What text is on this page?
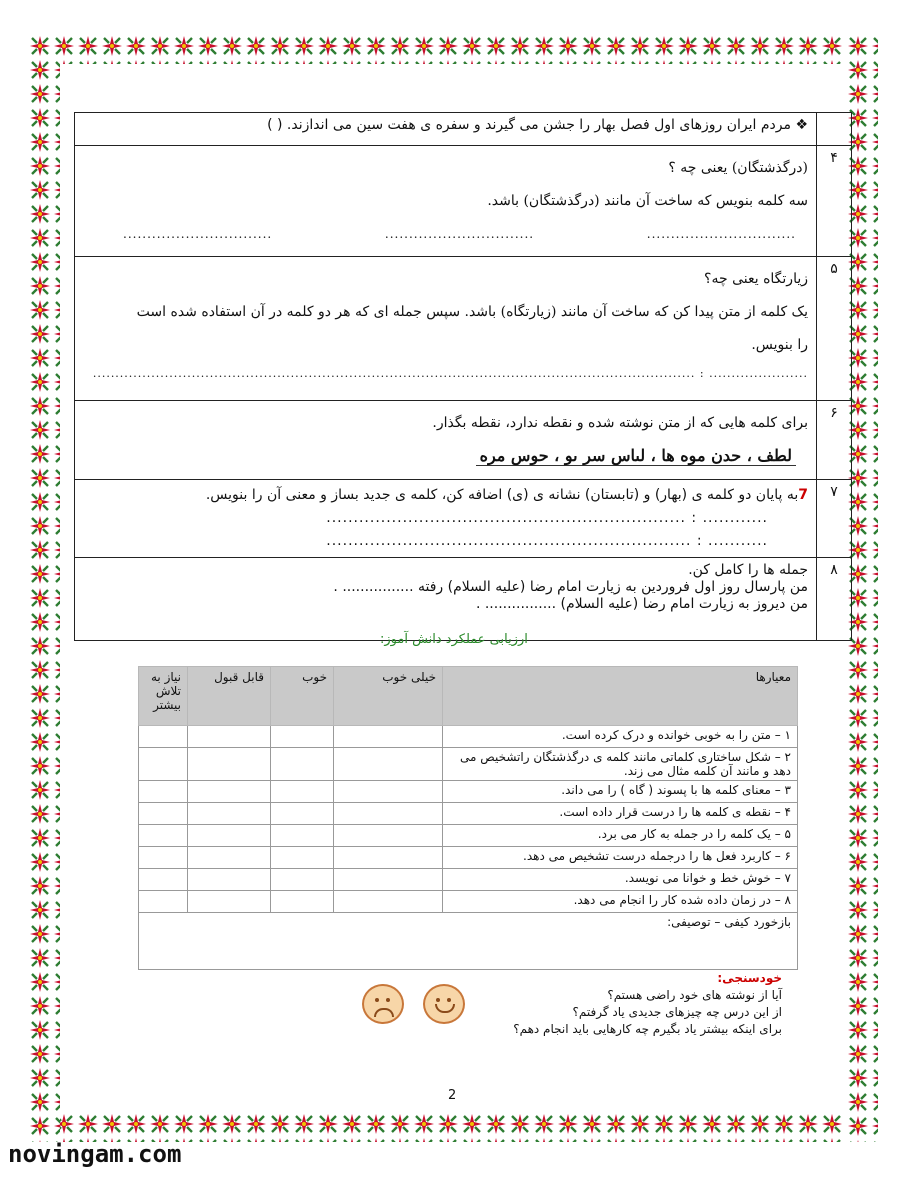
	❖ مردم ایران روزهای اول فصل بهار را جشن می گیرند و سفره ی هفت سین می اندازند. ( )
۴	(درگذشتگان) یعنی چه ؟
سه کلمه بنویس که ساخت آن مانند (درگذشتگان) باشد.
...............................
...............................
...............................

۵	زیارتگاه یعنی چه؟
یک کلمه از متن پیدا کن که ساخت آن مانند (زیارتگاه) باشد. سپس جمله ای که هر دو کلمه در آن استفاده شده است
را بنویس.
...................... : ......................................................................................................................................
۶	برای کلمه هایی که از متن نوشته شده و نقطه ندارد، نقطه بگذار.
لطف ، حدن موه ها ، لىاس سر ىو ، حوس مره

۷	7به پایان دو کلمه ی (بهار) و (تابستان) نشانه ی (ی) اضافه کن، کلمه ی جدید بساز و معنی آن را بنویس.
............ : .................................................................. ........... : ...................................................................
۸	جمله ها را کامل کن.
من پارسال روز اول فروردین به زیارت امام رضا (علیه السلام) رفته ................ .
من دیروز به زیارت امام رضا (علیه السلام) ................ .
ارزیابی عملکرد دانش آموز:
معیارها	خیلی خوب	خوب	قابل قبول	نیاز به تلاش بیشتر
۱ – متن را به خوبی خوانده و درک کرده است.				
۲ – شکل ساختاری کلماتی مانند کلمه ی درگذشتگان راتشخیص می دهد و مانند آن کلمه مثال می زند.				
۳ – معنای کلمه ها با پسوند ( گاه ) را می داند.				
۴ – نقطه ی کلمه ها را درست قرار داده است.				
۵ – یک کلمه را در جمله به کار می برد.				
۶ – کاربرد فعل ها را درجمله درست تشخیص می دهد.				
۷ – خوش خط و خوانا می نویسد.				
۸ – در زمان داده شده کار را انجام می دهد.				
بازخورد کیفی – توصیفی:				
خودسنجی:
آیا از نوشته های خود راضی هستم؟
از این درس چه چیزهای جدیدی یاد گرفتم؟
برای اینکه بیشتر یاد بگیرم چه کارهایی باید انجام دهم؟

2
novingam.com
